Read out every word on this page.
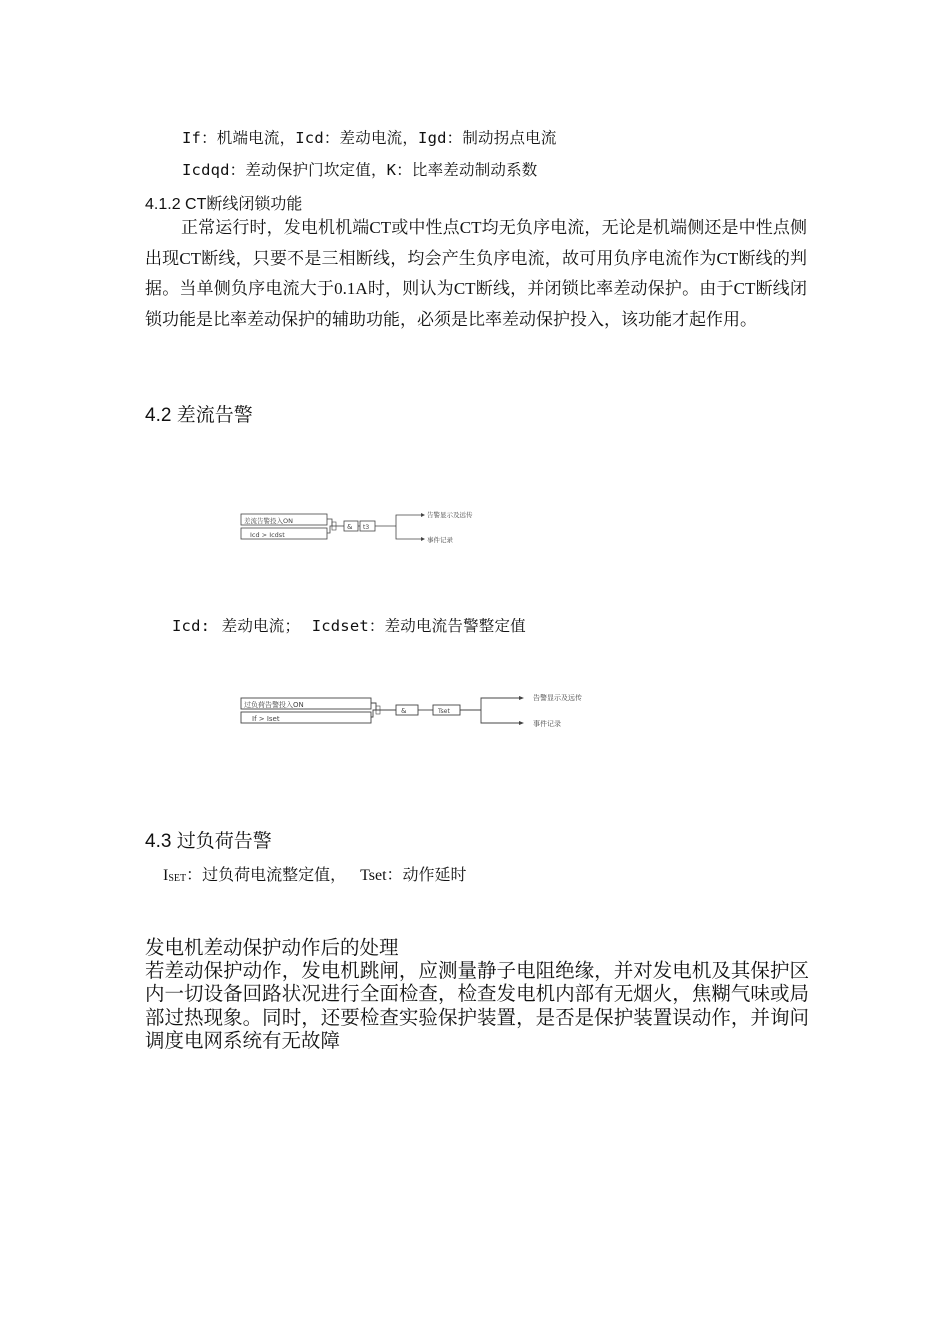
If：机端电流，Icd：差动电流，Igd：制动拐点电流
Icdqd：差动保护门坎定值，K：比率差动制动系数
4.1.2 CT断线闭锁功能

正常运行时，发电机机端CT或中性点CT均无负序电流，无论是机端侧还是中性点侧出现CT断线，只要不是三相断线，均会产生负序电流，故可用负序电流作为CT断线的判据。当单侧负序电流大于0.1A时，则认为CT断线，并闭锁比率差动保护。由于CT断线闭锁功能是比率差动保护的辅助功能，必须是比率差动保护投入，该功能才起作用。

4.2 差流告警
差流告警投入ON
Icd > Icdst
& t3
告警显示及远传
事件记录
Icd: 差动电流； Icdset：差动电流告警整定值
过负荷告警投入ON
If > Iset
&	Tset
告警显示及远传
事件记录
4.3 过负荷告警
$I_{SET}$：过负荷电流整定值， Tset：动作延时

发电机差动保护动作后的处理

若差动保护动作，发电机跳闸，应测量静子电阻绝缘，并对发电机及其保护区内一切设备回路状况进行全面检查，检查发电机内部有无烟火，焦糊气味或局部过热现象。同时，还要检查实验保护装置，是否是保护装置误动作，并询问调度电网系统有无故障
